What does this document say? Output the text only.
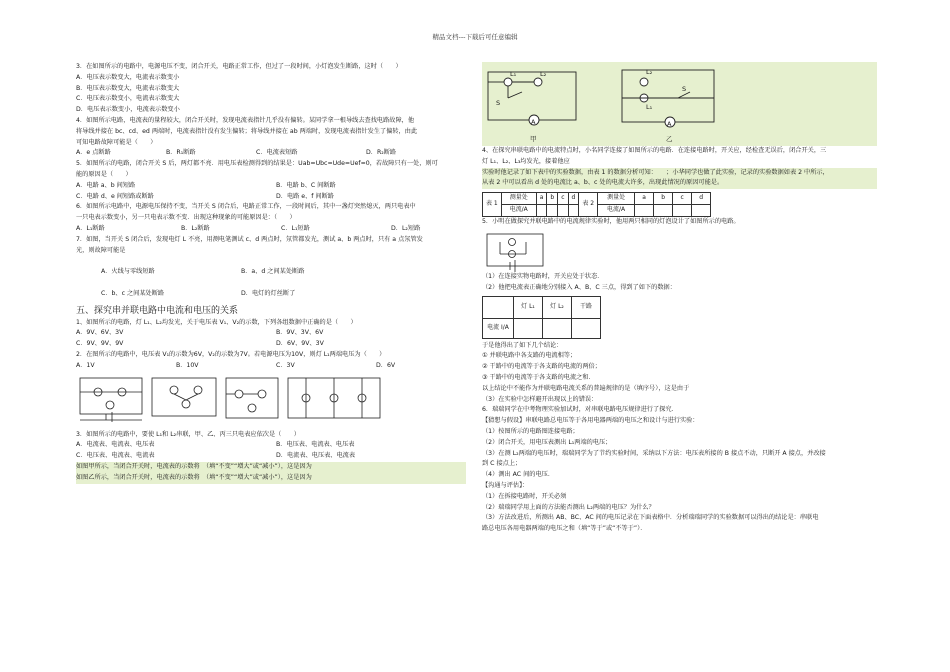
精品文档---下载后可任意编辑
3．在如图所示的电路中，电源电压不变，闭合开关，电路正常工作，但过了一段时间，小灯泡发生断路，这时（　　）
A．电压表示数变大，电流表示数变小
B．电压表示数变大，电流表示数变大
C．电压表示数变小，电流表示数变大
D．电压表示数变小，电流表示数变小
4．如图所示电路，电流表的量程较大，闭合开关时，发现电流表指针几乎没有偏转。某同学拿一根导线去查找电路故障，他
将导线并接在 bc、cd、ed 两端时，电流表指针没有发生偏转；将导线并接在 ab 两端时，发现电流表指针发生了偏转，由此
可知电路故障可能是（　　）
A．e 点断路	B．R₁断路	C．电流表短路	D．R₂断路
5．如图所示的电路，闭合开关 S 后，两灯都不亮．用电压表检测得到的结果是：Uab=Ubc=Ude=Uef=0，若故障只有一处，则可
能的原因是（　　）
A．电路 a、b 间短路	B．电路 b、C 间断路
C．电路 d、e 间短路或断路	D．电路 e、f 间断路
6．如图所示电路中，电源电压保持不变，当开关 S 闭合后，电路正常工作，一段时间后，其中一盏灯突然熄灭，两只电表中
一只电表示数变小，另一只电表示数不变．出现这种现象的可能原因是：（　　）
A．L₁断路	B．L₂断路	C．L₁短路	D．L₂短路
7．如图，当开关 S 闭合后，发现电灯 L 不亮，用测电笔测试 c、d 两点时，氖管都发光，测试 a、b 两点时，只有 a 点氖管发
光，则故障可能是
A．火线与零线短路	B．a、d 之间某处断路
C．b、c 之间某处断路	D．电灯的灯丝断了
五、探究串并联电路中电流和电压的关系
1、如图所示的电路，灯 L₁、L₂均发光，关于电压表 V₁、V₂的示数，下列各组数据中正确的是（　　）
A．9V、6V、3V	B．9V、3V、6V
C．9V、9V、9V	D．6V、9V、3V
2．在图所示的电路中，电压表 V₁的示数为6V，V₂的示数为7V。若电源电压为10V，则灯 L₁两端电压为（　　）
A．1V	B．10V	C．3V	D．6V
3．如图所示的电路中，要使 L₁和 L₂串联，甲、乙、丙三只电表应依次是（　　）
A．电流表、电流表、电压表	B．电压表、电流表、电压表
C．电压表、电流表、电流表	D．电流表、电压表、电流表
如图甲所示，当闭合开关时，电流表的示数将　（填“不变”“增大”或“减小”），这是因为
如图乙所示，当闭合开关时，电流表的示数将　（填“不变”“增大”或“减小”），这是因为
L₁	L₂
S
A
甲
L₂
L₁
S
A
乙
4、在探究串联电路中的电流特点时，小名同学连接了如图所示的电路．在连接电路时，开关应，经检查无误后，闭合开关，三
灯 L₁、L₂、L₃均发光，接着他应
实验时他记录了如下表中的实验数据，由表 1 的数据分析可知：　　；小华同学也做了此实验，记录的实验数据如表 2 中所示，
从表 2 中可以看出 d 处的电流比 a、b、c 处的电流大许多，出现此情况的原因可能是。
表 1	测量处	a	b	c	d	表 2	测量处	a	b	c	d
	电流/A						电流/A				
5．小明在做探究并联电路中的电流规律实验时，他用两只相同的灯泡设计了如图所示的电路。
（1）在连接实物电路时，开关应处于状态．
（2）他把电流表正确地分别接入 A、B、C 三点，得到了如下的数据：
	灯 L₁	灯 L₂	干路
电流 I/A			
于是他得出了如下几个结论：
① 并联电路中各支路的电流相等；
② 干路中的电流等于各支路的电流的两倍；
③ 干路中的电流等于各支路的电流之和．
以上结论中不能作为并联电路电流关系的普遍规律的是（填序号），这是由于
（3）在实验中怎样避开出现以上的错误：
6．瑞瑞同学在中考物理实验加试时，对串联电路电压规律进行了探究．
【猜想与假设】串联电路总电压等于各用电器两端的电压之和设计与进行实验：
（1）按图所示的电路图连接电路；
（2）闭合开关，用电压表测出 L₁两端的电压；
（3）在测 L₂两端的电压时，瑞瑞同学为了节约实验时间，采纳以下方法：电压表所接的 B 接点不动，只断开 A 接点，并改接
到 C 接点上；
（4）测出 AC 间的电压．
【沟通与评估】：
（1）在拆接电路时，开关必须
（2）瑞瑞同学用上面的方法能否测出 L₂两端的电压？为什么？
（3）方法改进后，所测出 AB、BC、AC 间的电压记录在下面表格中．分析瑞瑞同学的实验数据可以得出的结论是：串联电
路总电压各用电器两端的电压之和（填“等于”或“不等于”）．
